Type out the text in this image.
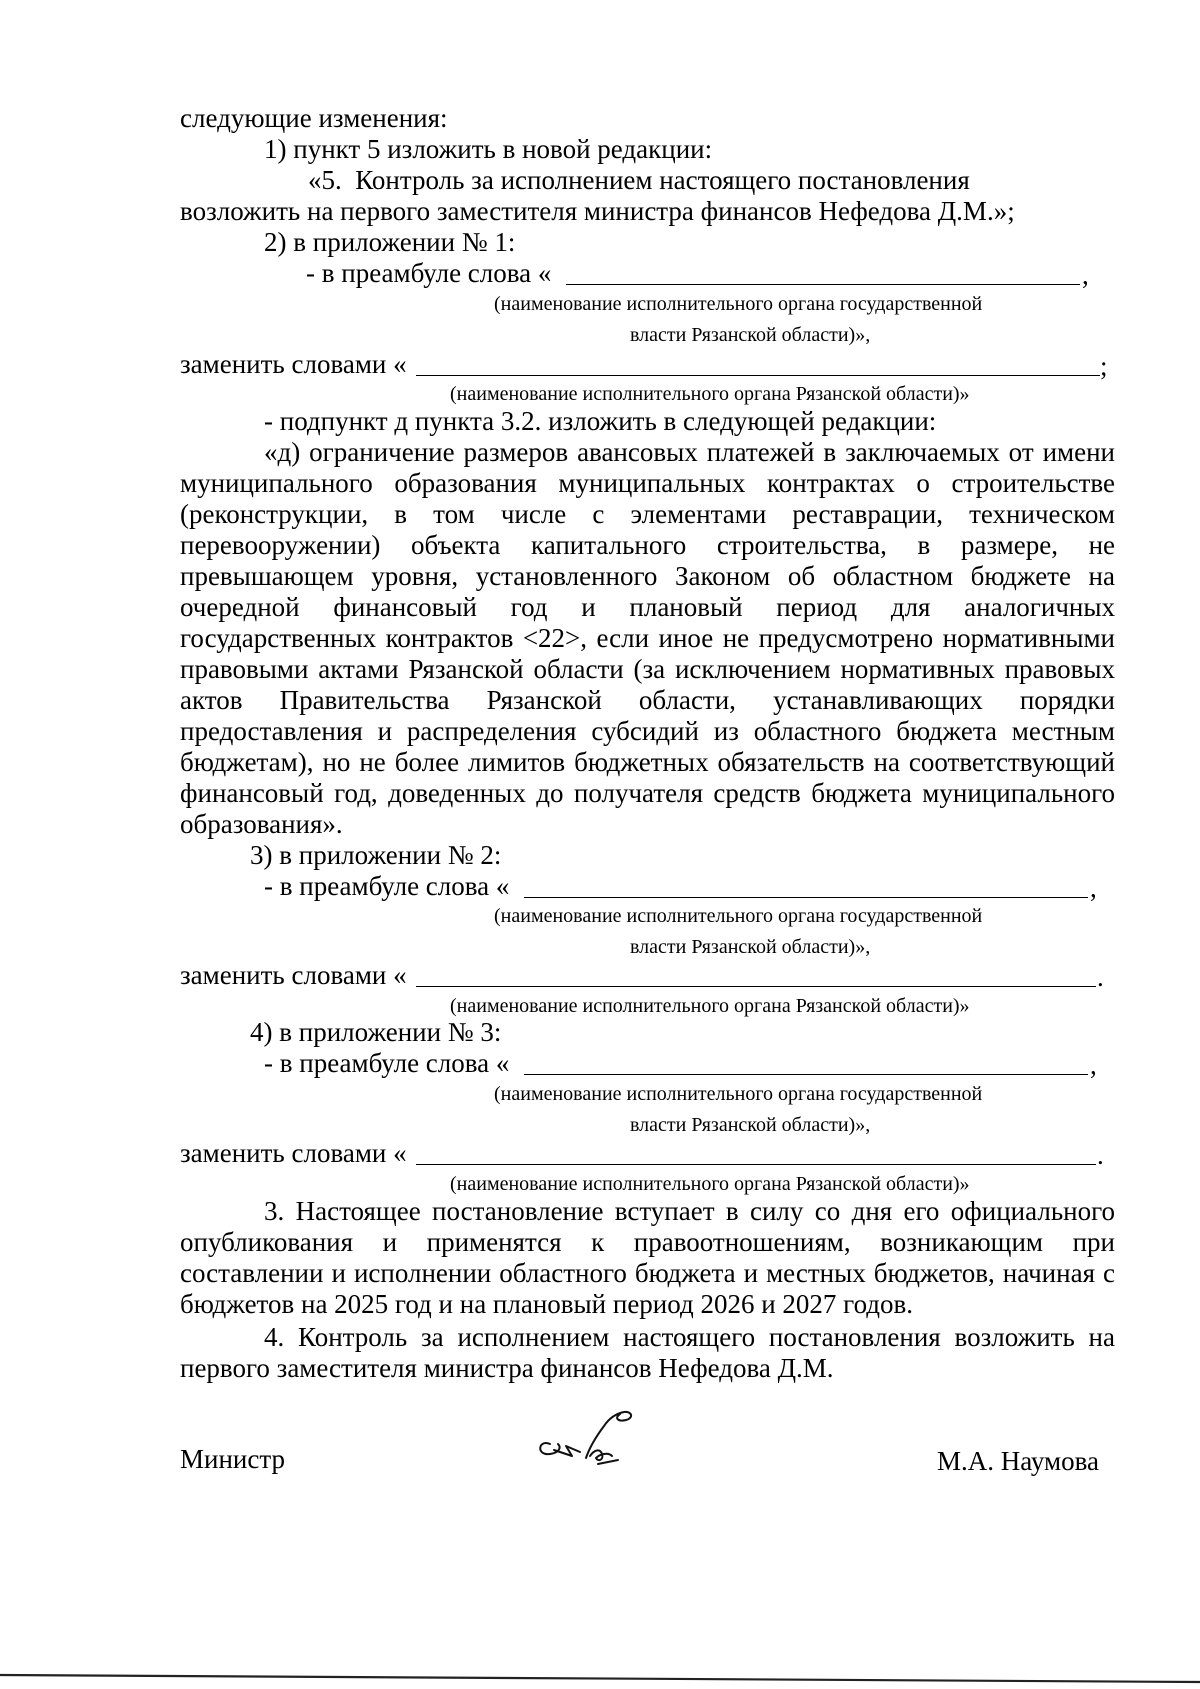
следующие изменения:
1) пункт 5 изложить в новой редакции:
«5.  Контроль за исполнением настоящего постановления
возложить на первого заместителя министра финансов Нефедова Д.М.»;
2) в приложении № 1:
- в преамбуле слова «	,
(наименование исполнительного органа государственной
власти Рязанской области)»,
заменить словами «	;
(наименование исполнительного органа Рязанской области)»
- подпункт д пункта 3.2. изложить в следующей редакции:
«д) ограничение размеров авансовых платежей в заключаемых от имени муниципального образования муниципальных контрактах о строительстве (реконструкции, в том числе с элементами реставрации, техническом перевооружении) объекта капитального строительства, в размере, не превышающем уровня, установленного Законом об областном бюджете на очередной финансовый год и плановый период для аналогичных государственных контрактов <22>, если иное не предусмотрено нормативными правовыми актами Рязанской области (за исключением нормативных правовых актов Правительства Рязанской области, устанавливающих порядки предоставления и распределения субсидий из областного бюджета местным бюджетам), но не более лимитов бюджетных обязательств на соответствующий финансовый год, доведенных до получателя средств бюджета муниципального образования».
3) в приложении № 2:
- в преамбуле слова «	,
(наименование исполнительного органа государственной
власти Рязанской области)»,
заменить словами «	.
(наименование исполнительного органа Рязанской области)»
4) в приложении № 3:
- в преамбуле слова «	,
(наименование исполнительного органа государственной
власти Рязанской области)»,
заменить словами «	.
(наименование исполнительного органа Рязанской области)»
3. Настоящее постановление вступает в силу со дня его официального опубликования и применятся к правоотношениям, возникающим при составлении и исполнении областного бюджета и местных бюджетов, начиная с бюджетов на 2025 год и на плановый период 2026 и 2027 годов.
4. Контроль за исполнением настоящего постановления возложить на первого заместителя министра финансов Нефедова Д.М.
Министр	М.А. Наумова
